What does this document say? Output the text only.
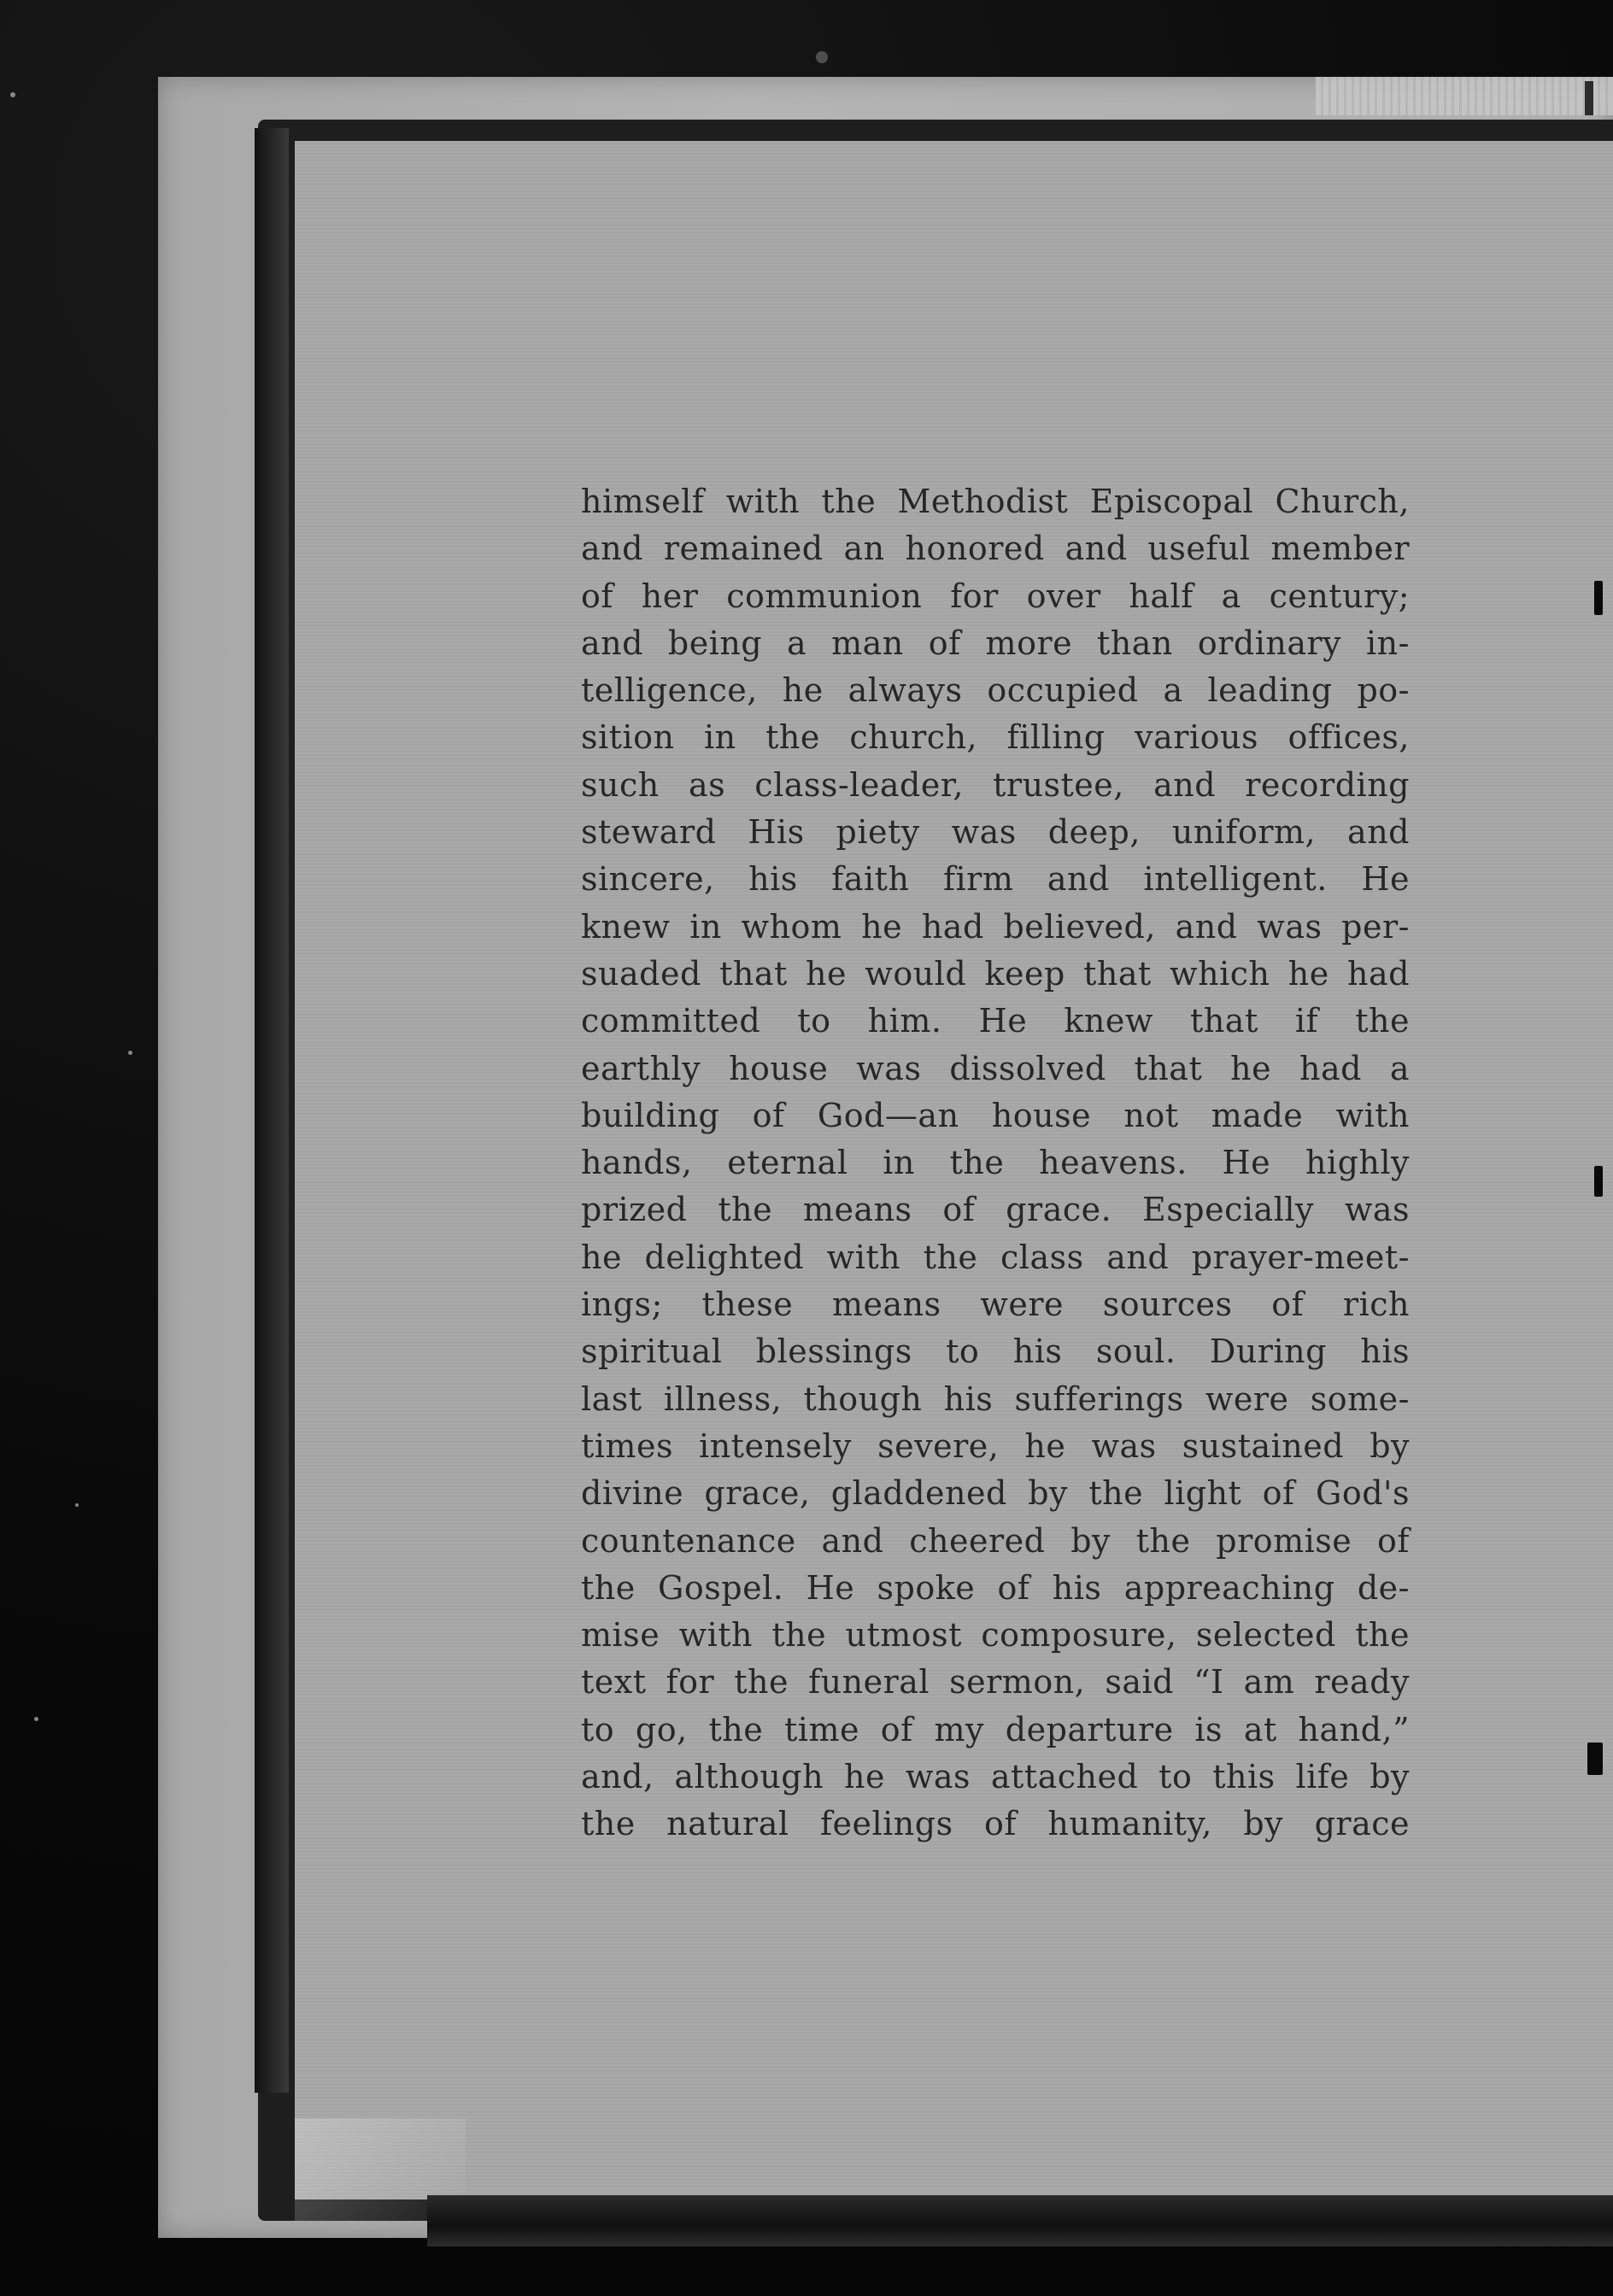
himself with the Methodist Episcopal Church,
and remained an honored and useful member
of her communion for over half a century;
and being a man of more than ordinary in-
telligence, he always occupied a leading po-
sition in the church, filling various offices,
such as class-leader, trustee, and recording
steward His piety was deep, uniform, and
sincere, his faith firm and intelligent. He
knew in whom he had believed, and was per-
suaded that he would keep that which he had
committed to him. He knew that if the
earthly house was dissolved that he had a
building of God—an house not made with
hands, eternal in the heavens. He highly
prized the means of grace. Especially was
he delighted with the class and prayer-meet-
ings; these means were sources of rich
spiritual blessings to his soul. During his
last illness, though his sufferings were some-
times intensely severe, he was sustained by
divine grace, gladdened by the light of God's
countenance and cheered by the promise of
the Gospel. He spoke of his appreaching de-
mise with the utmost composure, selected the
text for the funeral sermon, said “I am ready
to go, the time of my departure is at hand,”
and, although he was attached to this life by
the natural feelings of humanity, by grace
